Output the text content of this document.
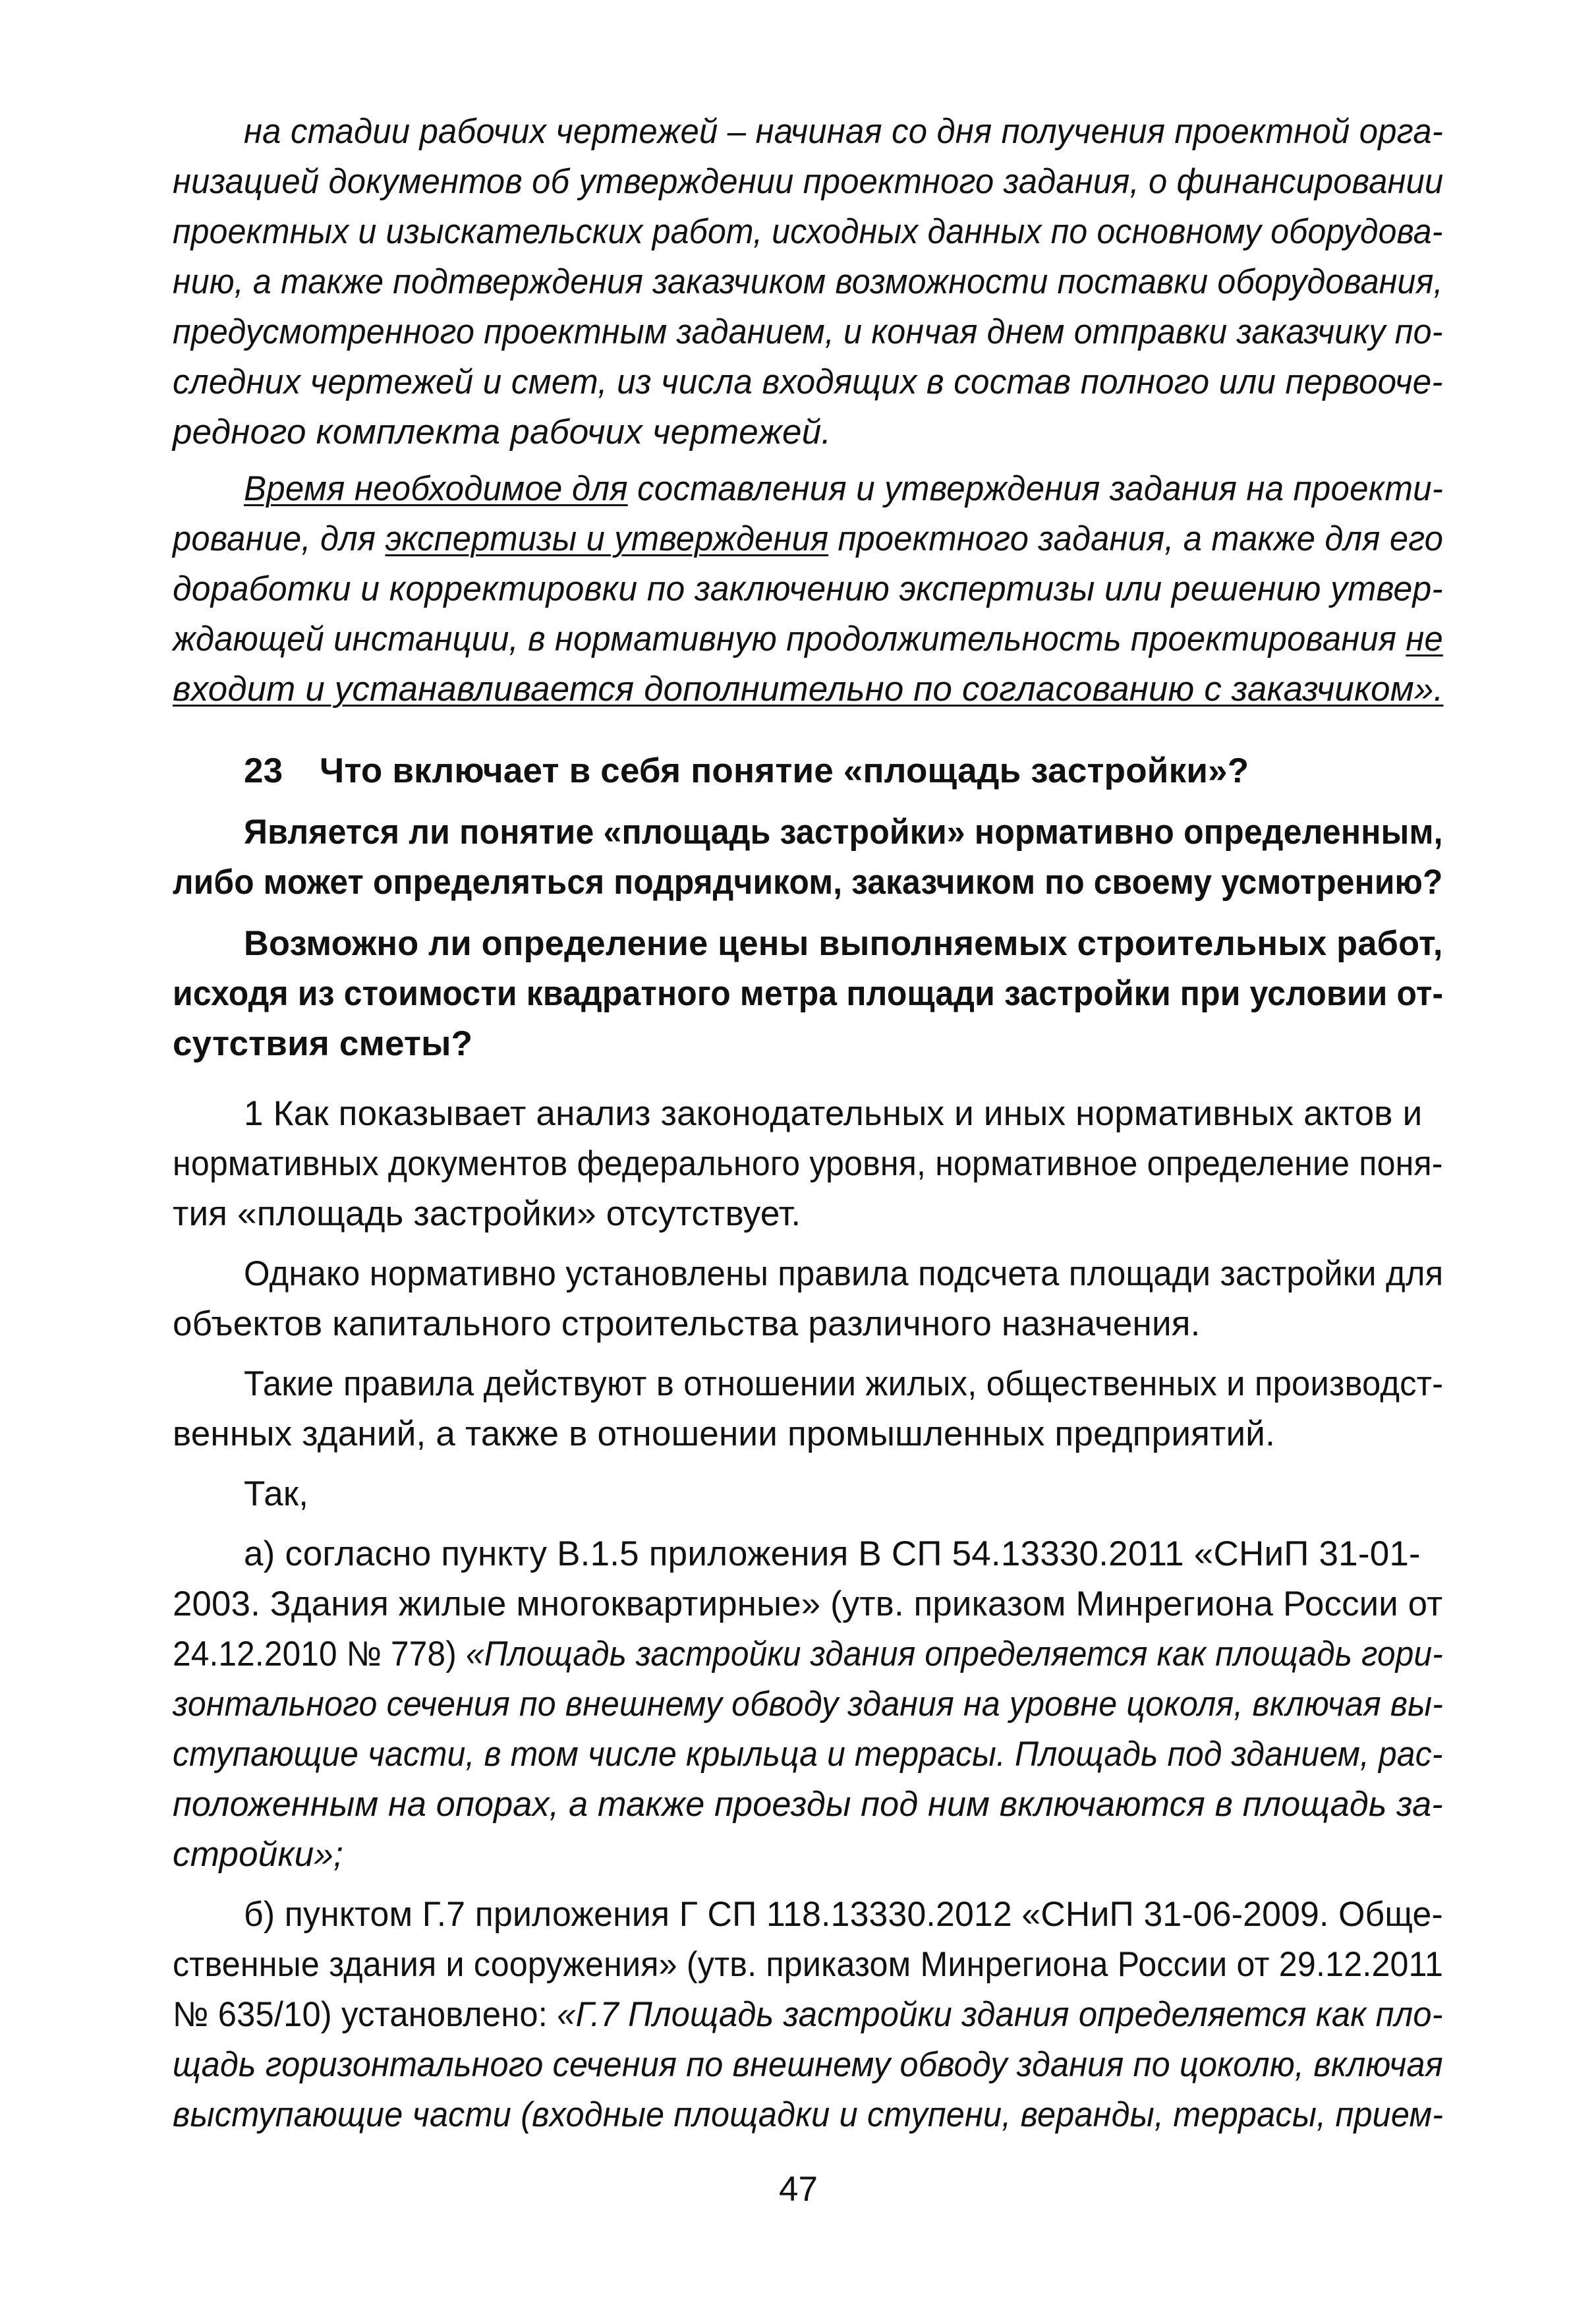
на стадии рабочих чертежей – начиная со дня получения проектной орга-
низацией документов об утверждении проектного задания, о финансировании
проектных и изыскательских работ, исходных данных по основному оборудова-
нию, а также подтверждения заказчиком возможности поставки оборудования,
предусмотренного проектным заданием, и кончая днем отправки заказчику по-
следних чертежей и смет, из числа входящих в состав полного или первооче-
редного комплекта рабочих чертежей.
Время необходимое для составления и утверждения задания на проекти-
рование, для экспертизы и утверждения проектного задания, а также для его
доработки и корректировки по заключению экспертизы или решению утвер-
ждающей инстанции, в нормативную продолжительность проектирования не
входит и устанавливается дополнительно по согласованию с заказчиком».
23 Что включает в себя понятие «площадь застройки»?
Является ли понятие «площадь застройки» нормативно определенным,
либо может определяться подрядчиком, заказчиком по своему усмотрению?
Возможно ли определение цены выполняемых строительных работ,
исходя из стоимости квадратного метра площади застройки при условии от-
сутствия сметы?
1 Как показывает анализ законодательных и иных нормативных актов и
нормативных документов федерального уровня, нормативное определение поня-
тия «площадь застройки» отсутствует.
Однако нормативно установлены правила подсчета площади застройки для
объектов капитального строительства различного назначения.
Такие правила действуют в отношении жилых, общественных и производст-
венных зданий, а также в отношении промышленных предприятий.
Так,
а) согласно пункту В.1.5 приложения В СП 54.13330.2011 «СНиП 31-01-
2003. Здания жилые многоквартирные» (утв. приказом Минрегиона России от
24.12.2010 № 778) «Площадь застройки здания определяется как площадь гори-
зонтального сечения по внешнему обводу здания на уровне цоколя, включая вы-
ступающие части, в том числе крыльца и террасы. Площадь под зданием, рас-
положенным на опорах, а также проезды под ним включаются в площадь за-
стройки»;
б) пунктом Г.7 приложения Г СП 118.13330.2012 «СНиП 31-06-2009. Обще-
ственные здания и сооружения» (утв. приказом Минрегиона России от 29.12.2011
№ 635/10) установлено: «Г.7 Площадь застройки здания определяется как пло-
щадь горизонтального сечения по внешнему обводу здания по цоколю, включая
выступающие части (входные площадки и ступени, веранды, террасы, прием-
47
